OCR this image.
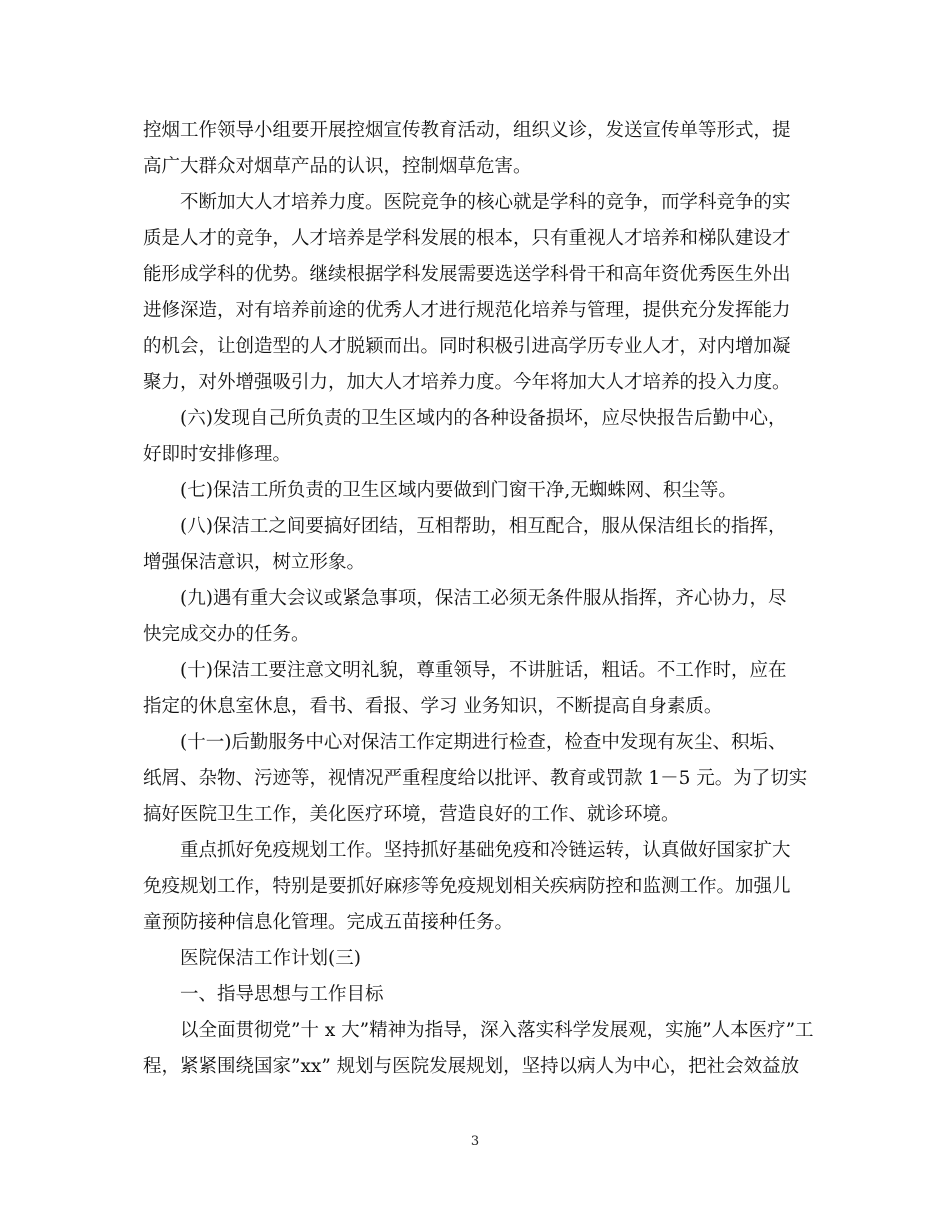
控烟工作领导小组要开展控烟宣传教育活动，组织义诊，发送宣传单等形式，提
高广大群众对烟草产品的认识，控制烟草危害。
不断加大人才培养力度。医院竞争的核心就是学科的竞争，而学科竞争的实
质是人才的竞争，人才培养是学科发展的根本，只有重视人才培养和梯队建设才
能形成学科的优势。继续根据学科发展需要选送学科骨干和高年资优秀医生外出
进修深造，对有培养前途的优秀人才进行规范化培养与管理，提供充分发挥能力
的机会，让创造型的人才脱颖而出。同时积极引进高学历专业人才，对内增加凝
聚力，对外增强吸引力，加大人才培养力度。今年将加大人才培养的投入力度。
(六)发现自己所负责的卫生区域内的各种设备损坏，应尽快报告后勤中心，
好即时安排修理。
(七)保洁工所负责的卫生区域内要做到门窗干净,无蜘蛛网、积尘等。
(八)保洁工之间要搞好团结，互相帮助，相互配合，服从保洁组长的指挥，
增强保洁意识，树立形象。
(九)遇有重大会议或紧急事项，保洁工必须无条件服从指挥，齐心协力，尽
快完成交办的任务。
(十)保洁工要注意文明礼貌，尊重领导，不讲脏话，粗话。不工作时，应在
指定的休息室休息，看书、看报、学习 业务知识，不断提高自身素质。
(十一)后勤服务中心对保洁工作定期进行检查，检查中发现有灰尘、积垢、
纸屑、杂物、污迹等，视情况严重程度给以批评、教育或罚款 1－5 元。为了切实
搞好医院卫生工作，美化医疗环境，营造良好的工作、就诊环境。
重点抓好免疫规划工作。坚持抓好基础免疫和冷链运转，认真做好国家扩大
免疫规划工作，特别是要抓好麻疹等免疫规划相关疾病防控和监测工作。加强儿
童预防接种信息化管理。完成五苗接种任务。
医院保洁工作计划(三)
一、指导思想与工作目标
以全面贯彻党”十 x 大”精神为指导，深入落实科学发展观，实施”人本医疗”工
程，紧紧围绕国家”xx” 规划与医院发展规划，坚持以病人为中心，把社会效益放
3
